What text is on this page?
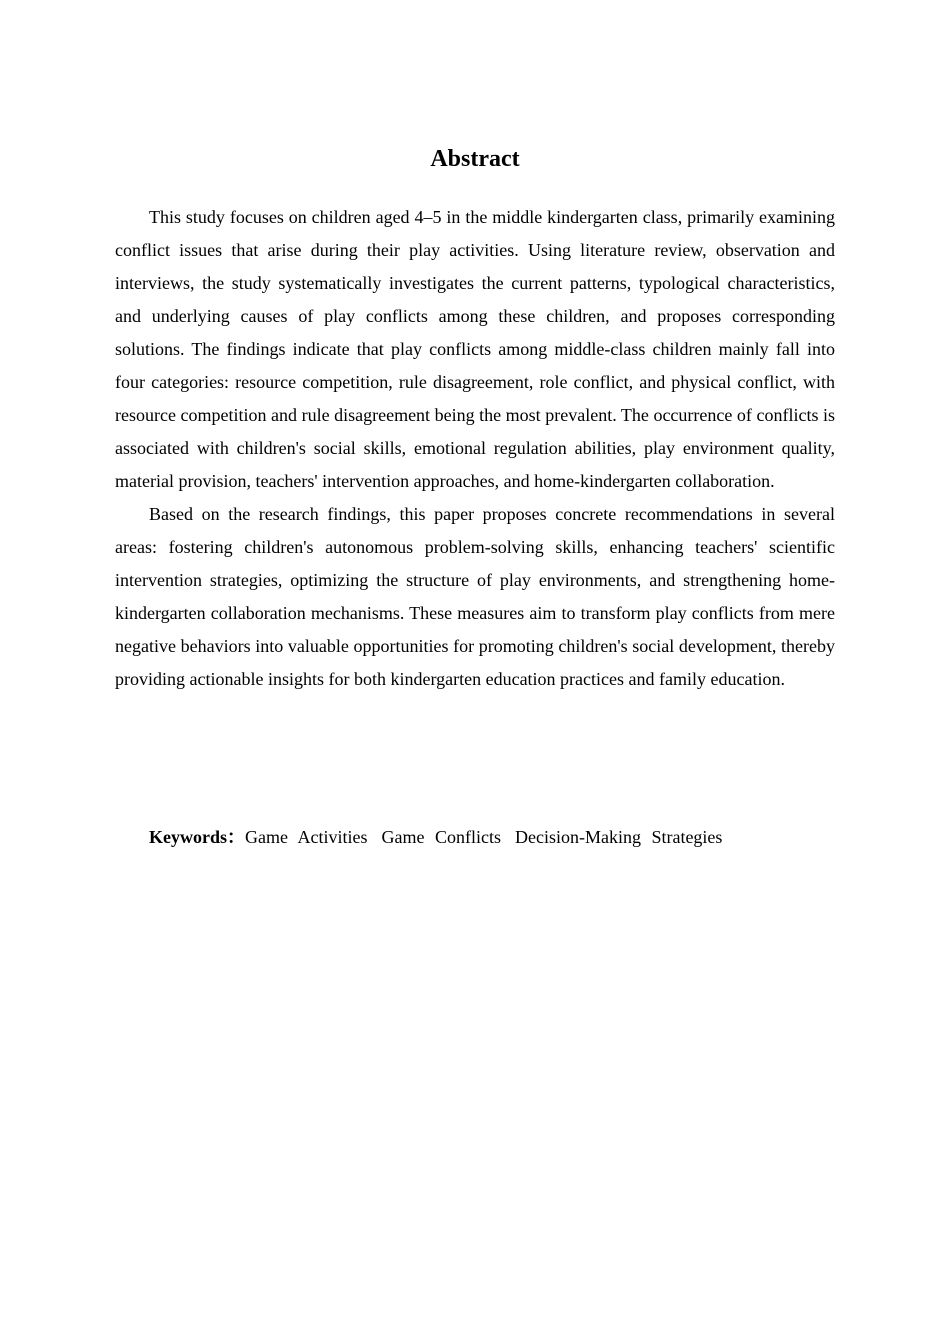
Abstract

This study focuses on children aged 4–5 in the middle kindergarten class, primarily examining conflict issues that arise during their play activities. Using literature review, observation and interviews, the study systematically investigates the current patterns, typological characteristics, and underlying causes of play conflicts among these children, and proposes corresponding solutions. The findings indicate that play conflicts among middle-class children mainly fall into four categories: resource competition, rule disagreement, role conflict, and physical conflict, with resource competition and rule disagreement being the most prevalent. The occurrence of conflicts is associated with children's social skills, emotional regulation abilities, play environment quality, material provision, teachers' intervention approaches, and home-kindergarten collaboration.

Based on the research findings, this paper proposes concrete recommendations in several areas: fostering children's autonomous problem-solving skills, enhancing teachers' scientific intervention strategies, optimizing the structure of play environments, and strengthening home-kindergarten collaboration mechanisms. These measures aim to transform play conflicts from mere negative behaviors into valuable opportunities for promoting children's social development, thereby providing actionable insights for both kindergarten education practices and family education.

Keywords：Game Activities Game Conflicts Decision-Making Strategies
